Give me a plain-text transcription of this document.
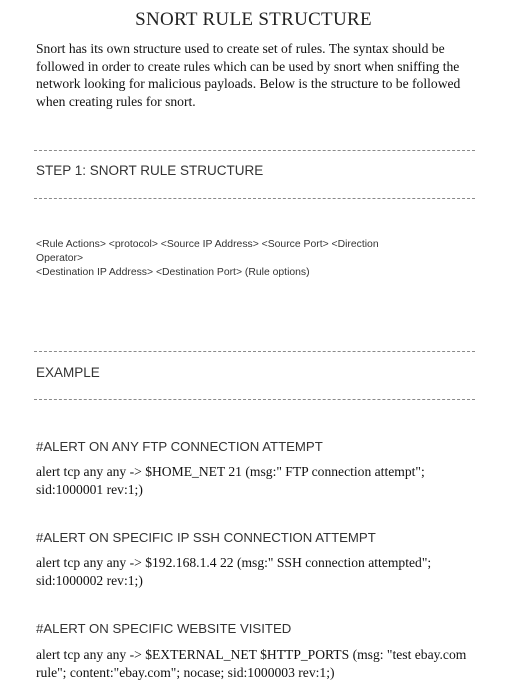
SNORT RULE STRUCTURE
Snort has its own structure used to create set of rules. The syntax should be followed in order to create rules which can be used by snort when sniffing the network looking for malicious payloads. Below is the structure to be followed when creating rules for snort.
STEP 1: SNORT RULE STRUCTURE
<Rule Actions> <protocol> <Source IP Address> <Source Port> <Direction
Operator>
<Destination IP Address> <Destination Port> (Rule options)
EXAMPLE
#ALERT ON ANY FTP CONNECTION ATTEMPT
alert tcp any any -> $HOME_NET 21 (msg:" FTP connection attempt"; sid:1000001 rev:1;)
#ALERT ON SPECIFIC IP SSH CONNECTION ATTEMPT
alert tcp any any -> $192.168.1.4 22 (msg:" SSH connection attempted"; sid:1000002 rev:1;)
#ALERT ON SPECIFIC WEBSITE VISITED
alert tcp any any -> $EXTERNAL_NET $HTTP_PORTS (msg: "test ebay.com rule"; content:"ebay.com"; nocase; sid:1000003 rev:1;)
